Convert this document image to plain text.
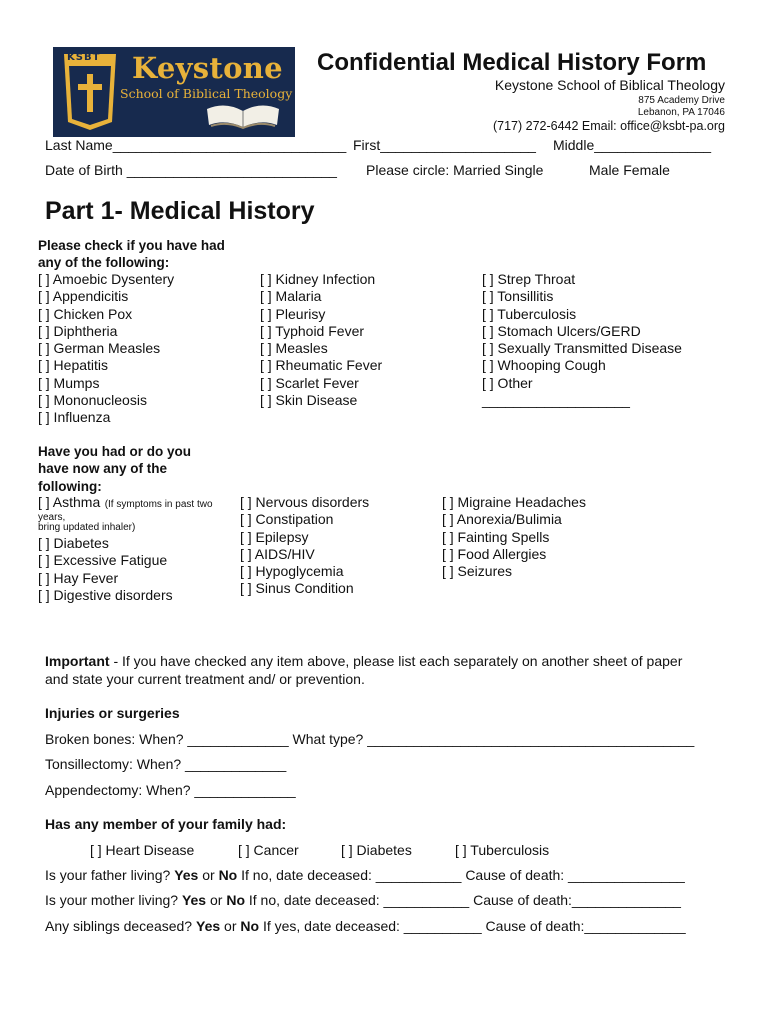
KSBT Keystone
School of Biblical Theology
Confidential Medical History Form
Keystone School of Biblical Theology
875 Academy Drive
Lebanon, PA 17046
(717) 272-6442 Email: office@ksbt-pa.org
Last Name______________________________ First____________________ Middle_______________
Date of Birth ___________________________ Please circle: Married Single	Male Female
Part 1- Medical History
Please check if you have had
any of the following:
[ ] Amoebic Dysentery
[ ] Appendicitis
[ ] Chicken Pox
[ ] Diphtheria
[ ] German Measles
[ ] Hepatitis
[ ] Mumps
[ ] Mononucleosis
[ ] Influenza
[ ] Kidney Infection
[ ] Malaria
[ ] Pleurisy
[ ] Typhoid Fever
[ ] Measles
[ ] Rheumatic Fever
[ ] Scarlet Fever
[ ] Skin Disease
[ ] Strep Throat
[ ] Tonsillitis
[ ] Tuberculosis
[ ] Stomach Ulcers/GERD
[ ] Sexually Transmitted Disease
[ ] Whooping Cough
[ ] Other
___________________
Have you had or do you
have now any of the
following:
[ ] Asthma (If symptoms in past two
years,
bring updated inhaler)
[ ] Diabetes
[ ] Excessive Fatigue
[ ] Hay Fever
[ ] Digestive disorders
[ ] Nervous disorders
[ ] Constipation
[ ] Epilepsy
[ ] AIDS/HIV
[ ] Hypoglycemia
[ ] Sinus Condition
[ ] Migraine Headaches
[ ] Anorexia/Bulimia
[ ] Fainting Spells
[ ] Food Allergies
[ ] Seizures
Important - If you have checked any item above, please list each separately on another sheet of paper
and state your current treatment and/ or prevention.
Injuries or surgeries
Broken bones: When? _____________ What type? __________________________________________
Tonsillectomy: When? _____________
Appendectomy: When? _____________
Has any member of your family had:
[ ] Heart Disease	[ ] Cancer	[ ] Diabetes	[ ] Tuberculosis
Is your father living? Yes or No If no, date deceased: ___________ Cause of death: _______________
Is your mother living? Yes or No If no, date deceased: ___________ Cause of death:______________
Any siblings deceased? Yes or No If yes, date deceased: __________ Cause of death:_____________
